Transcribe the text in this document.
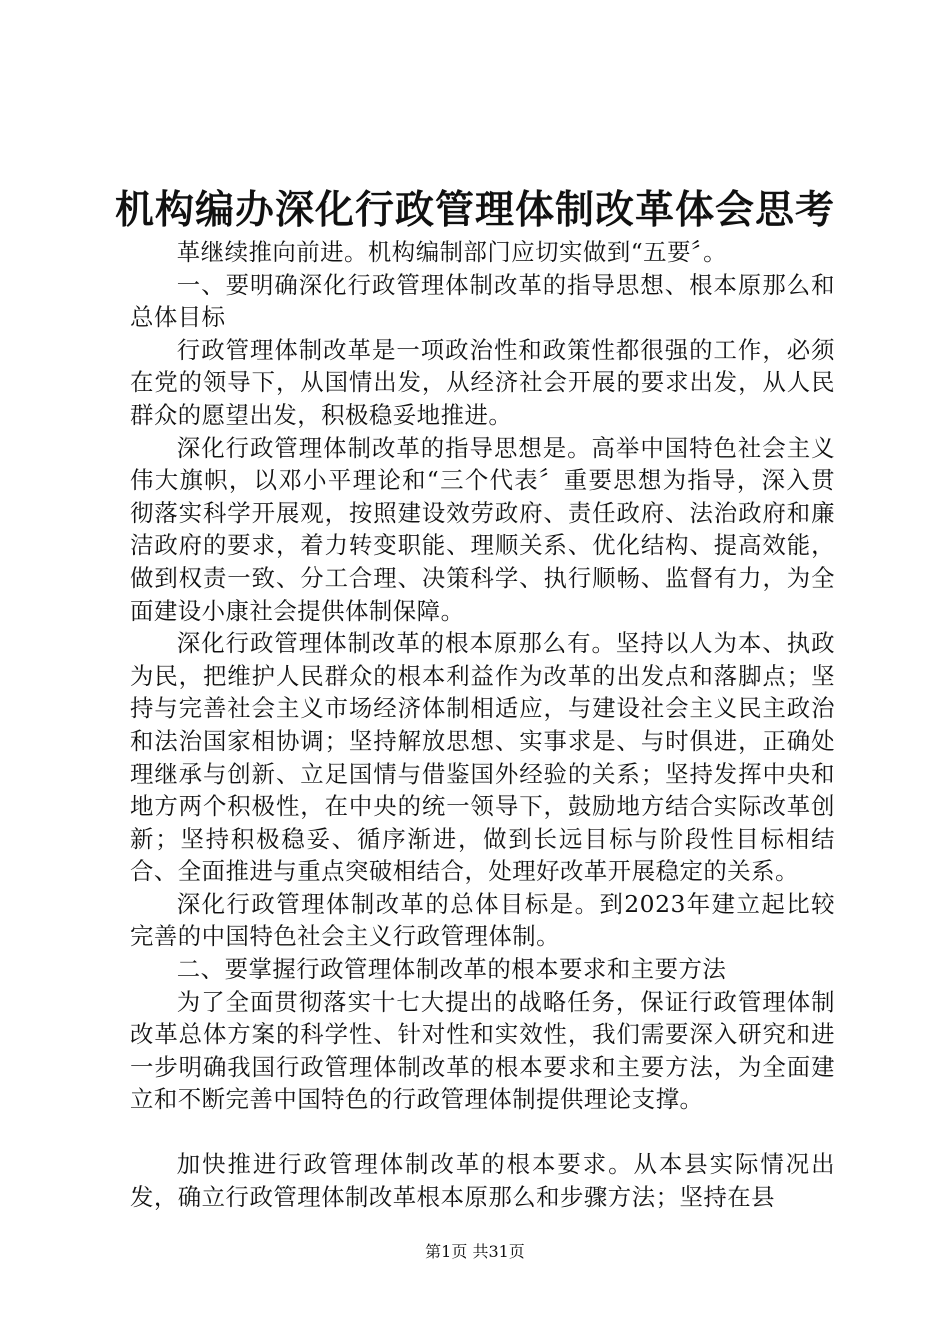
机构编办深化行政管理体制改革体会思考

革继续推向前进。机构编制部门应切实做到“五要〞。

一、要明确深化行政管理体制改革的指导思想、根本原那么和总体目标

行政管理体制改革是一项政治性和政策性都很强的工作，必须在党的领导下，从国情出发，从经济社会开展的要求出发，从人民群众的愿望出发，积极稳妥地推进。

深化行政管理体制改革的指导思想是。高举中国特色社会主义伟大旗帜，以邓小平理论和“三个代表〞重要思想为指导，深入贯彻落实科学开展观，按照建设效劳政府、责任政府、法治政府和廉洁政府的要求，着力转变职能、理顺关系、优化结构、提高效能，做到权责一致、分工合理、决策科学、执行顺畅、监督有力，为全面建设小康社会提供体制保障。

深化行政管理体制改革的根本原那么有。坚持以人为本、执政为民，把维护人民群众的根本利益作为改革的出发点和落脚点；坚持与完善社会主义市场经济体制相适应，与建设社会主义民主政治和法治国家相协调；坚持解放思想、实事求是、与时俱进，正确处理继承与创新、立足国情与借鉴国外经验的关系；坚持发挥中央和地方两个积极性，在中央的统一领导下，鼓励地方结合实际改革创新；坚持积极稳妥、循序渐进，做到长远目标与阶段性目标相结合、全面推进与重点突破相结合，处理好改革开展稳定的关系。

深化行政管理体制改革的总体目标是。到2023年建立起比较完善的中国特色社会主义行政管理体制。

二、要掌握行政管理体制改革的根本要求和主要方法

为了全面贯彻落实十七大提出的战略任务，保证行政管理体制改革总体方案的科学性、针对性和实效性，我们需要深入研究和进一步明确我国行政管理体制改革的根本要求和主要方法，为全面建立和不断完善中国特色的行政管理体制提供理论支撑。

加快推进行政管理体制改革的根本要求。从本县实际情况出发，确立行政管理体制改革根本原那么和步骤方法；坚持在县

第1页 共31页
